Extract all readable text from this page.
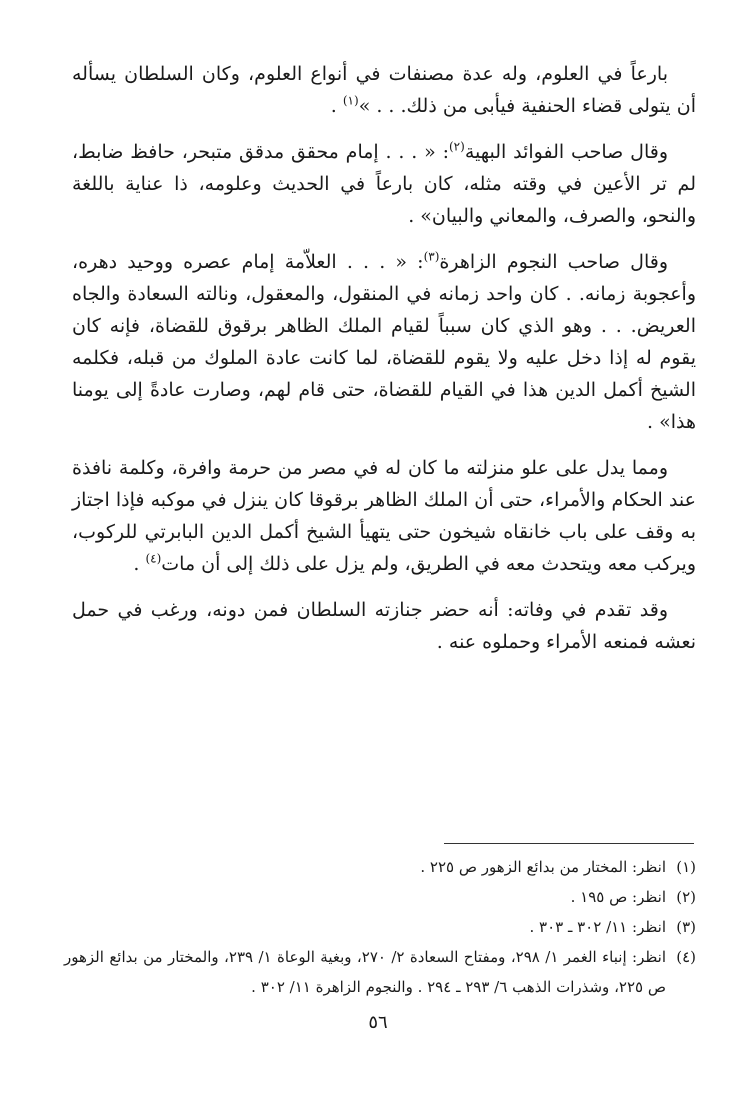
بارعاً في العلوم، وله عدة مصنفات في أنواع العلوم، وكان السلطان يسأله أن يتولى قضاء الحنفية فيأبى من ذلك. . . »$^{(١)}$ .

وقال صاحب الفوائد البهية$^{(٢)}$: « . . . إمام محقق مدقق متبحر، حافظ ضابط، لم تر الأعين في وقته مثله، كان بارعاً في الحديث وعلومه، ذا عناية باللغة والنحو، والصرف، والمعاني والبيان» .

وقال صاحب النجوم الزاهرة$^{(٣)}$: « . . . العلاّمة إمام عصره ووحيد دهره، وأعجوبة زمانه. . كان واحد زمانه في المنقول، والمعقول، ونالته السعادة والجاه العريض. . . وهو الذي كان سبباً لقيام الملك الظاهر برقوق للقضاة، فإنه كان يقوم له إذا دخل عليه ولا يقوم للقضاة، لما كانت عادة الملوك من قبله، فكلمه الشيخ أكمل الدين هذا في القيام للقضاة، حتى قام لهم، وصارت عادةً إلى يومنا هذا» .

ومما يدل على علو منزلته ما كان له في مصر من حرمة وافرة، وكلمة نافذة عند الحكام والأمراء، حتى أن الملك الظاهر برقوقا كان ينزل في موكبه فإذا اجتاز به وقف على باب خانقاه شيخون حتى يتهيأ الشيخ أكمل الدين البابرتي للركوب، ويركب معه ويتحدث معه في الطريق، ولم يزل على ذلك إلى أن مات$^{(٤)}$ .

وقد تقدم في وفاته: أنه حضر جنازته السلطان فمن دونه، ورغب في حمل نعشه فمنعه الأمراء وحملوه عنه .

(١)
انظر: المختار من بدائع الزهور ص ٢٢٥ .
(٢)
انظر: ص ١٩٥ .
(٣)
انظر: ١١/ ٣٠٢ ـ ٣٠٣ .
(٤)
انظر: إنباء الغمر ١/ ٢٩٨، ومفتاح السعادة ٢/ ٢٧٠، وبغية الوعاة ١/ ٢٣٩، والمختار من بدائع الزهور ص ٢٢٥، وشذرات الذهب ٦/ ٢٩٣ ـ ٢٩٤ . والنجوم الزاهرة ١١/ ٣٠٢ .
٥٦
